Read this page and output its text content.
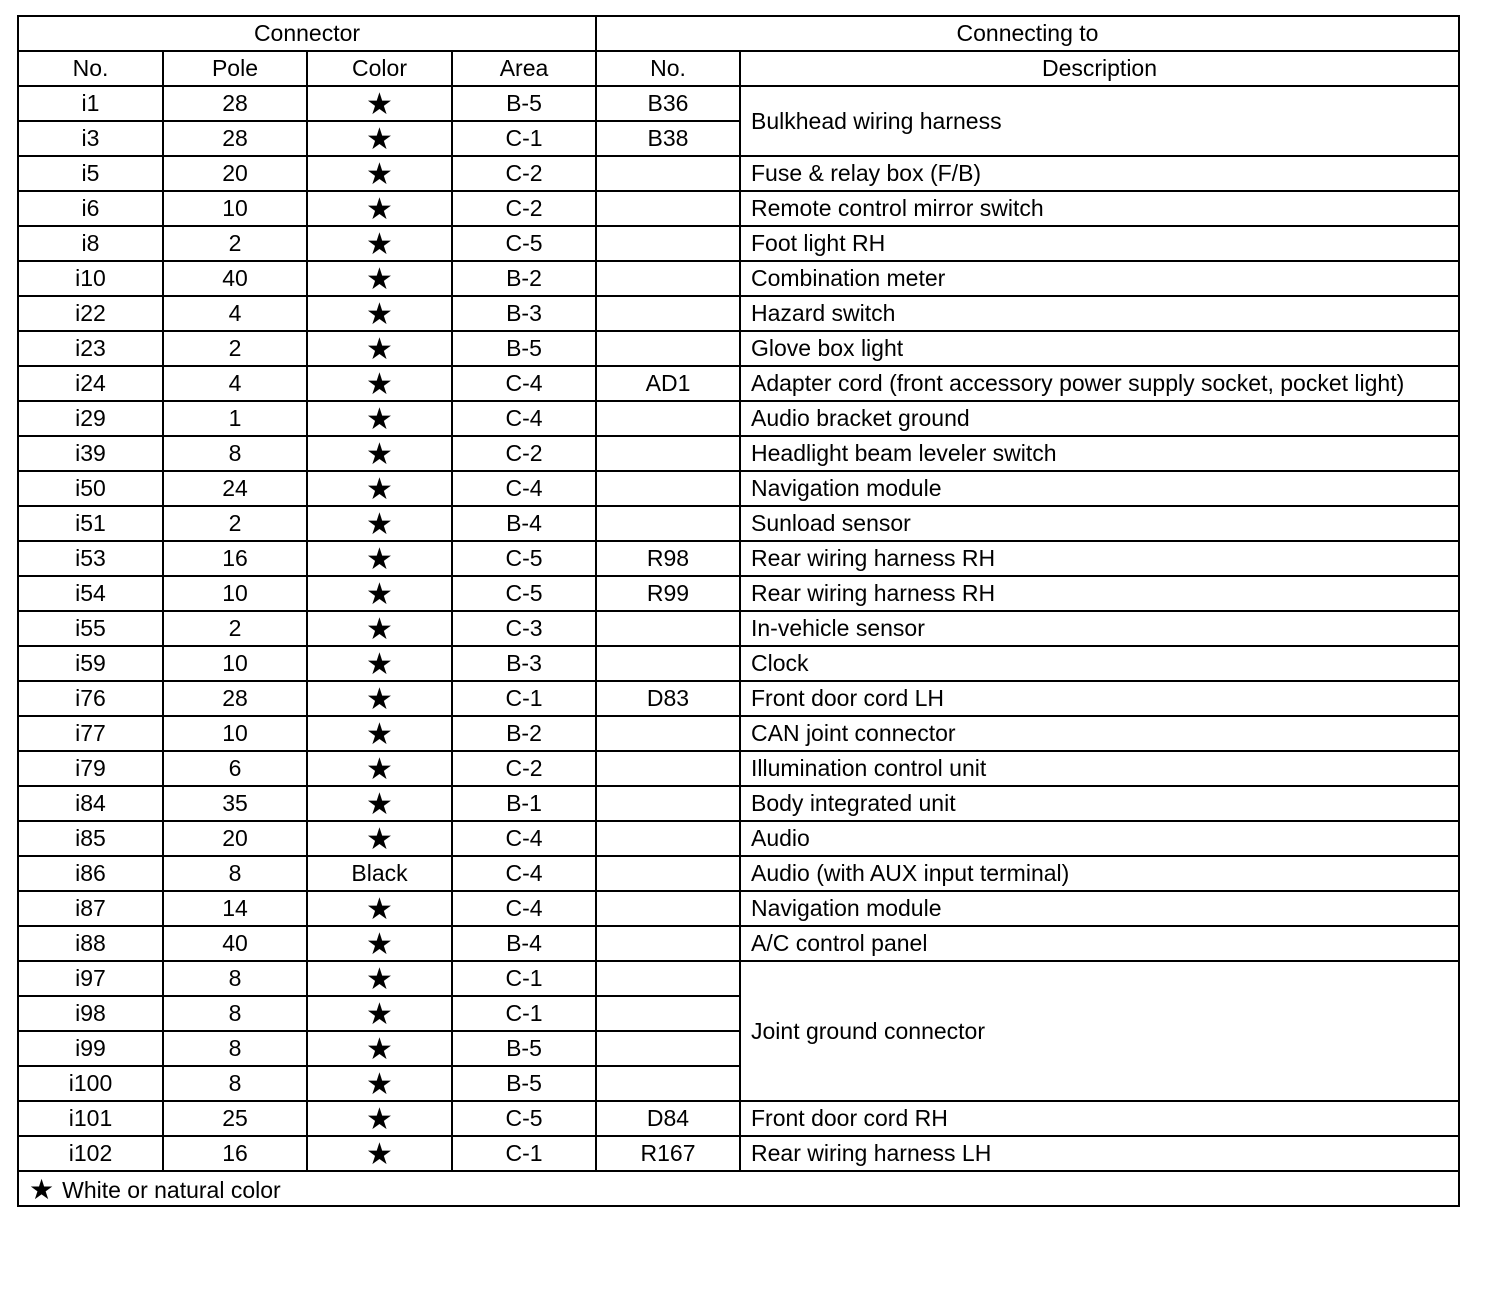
Connector				Connecting to	
No.	Pole	Color	Area	No.	Description
i1	28	★	B-5	B36	Bulkhead wiring harness
i3	28	★	C-1	B38	
i5	20	★	C-2		Fuse & relay box (F/B)
i6	10	★	C-2		Remote control mirror switch
i8	2	★	C-5		Foot light RH
i10	40	★	B-2		Combination meter
i22	4	★	B-3		Hazard switch
i23	2	★	B-5		Glove box light
i24	4	★	C-4	AD1	Adapter cord (front accessory power supply socket, pocket light)
i29	1	★	C-4		Audio bracket ground
i39	8	★	C-2		Headlight beam leveler switch
i50	24	★	C-4		Navigation module
i51	2	★	B-4		Sunload sensor
i53	16	★	C-5	R98	Rear wiring harness RH
i54	10	★	C-5	R99	Rear wiring harness RH
i55	2	★	C-3		In-vehicle sensor
i59	10	★	B-3		Clock
i76	28	★	C-1	D83	Front door cord LH
i77	10	★	B-2		CAN joint connector
i79	6	★	C-2		Illumination control unit
i84	35	★	B-1		Body integrated unit
i85	20	★	C-4		Audio
i86	8	Black	C-4		Audio (with AUX input terminal)
i87	14	★	C-4		Navigation module
i88	40	★	B-4		A/C control panel
i97	8	★	C-1		Joint ground connector
i98	8	★	C-1		
i99	8	★	B-5		
i100	8	★	B-5		
i101	25	★	C-5	D84	Front door cord RH
i102	16	★	C-1	R167	Rear wiring harness LH
★ White or natural color					
